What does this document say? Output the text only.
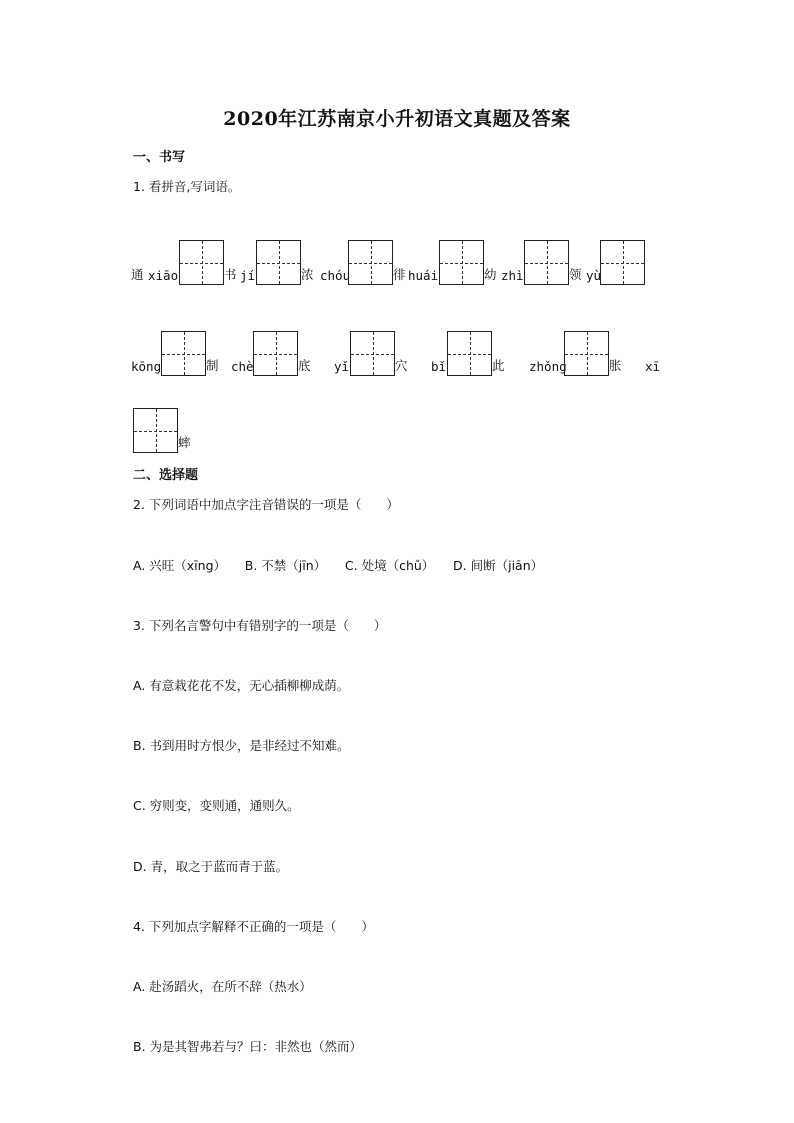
2020年江苏南京小升初语文真题及答案
一、书写
1. 看拼音,写词语。
通 xiāo	书 jí	浓 chóu	徘 huái	幼 zhì	领 yù
kōng	制 chè	底 yǐ	穴 bǐ	此 zhǒng	胀 xī
蟀
二、选择题
2. 下列词语中加点字注音错误的一项是（　　）
A. 兴旺（xīng）　　B. 不禁（jīn）　　C. 处境（chǔ）　　D. 间断（jiān）
3. 下列名言警句中有错别字的一项是（　　）
A. 有意栽花花不发，无心插柳柳成荫。
B. 书到用时方恨少，是非经过不知难。
C. 穷则变，变则通，通则久。
D. 青，取之于蓝而青于蓝。
4. 下列加点字解释不正确的一项是（　　）
A. 赴汤蹈火，在所不辞（热水）
B. 为是其智弗若与？曰：非然也（然而）
